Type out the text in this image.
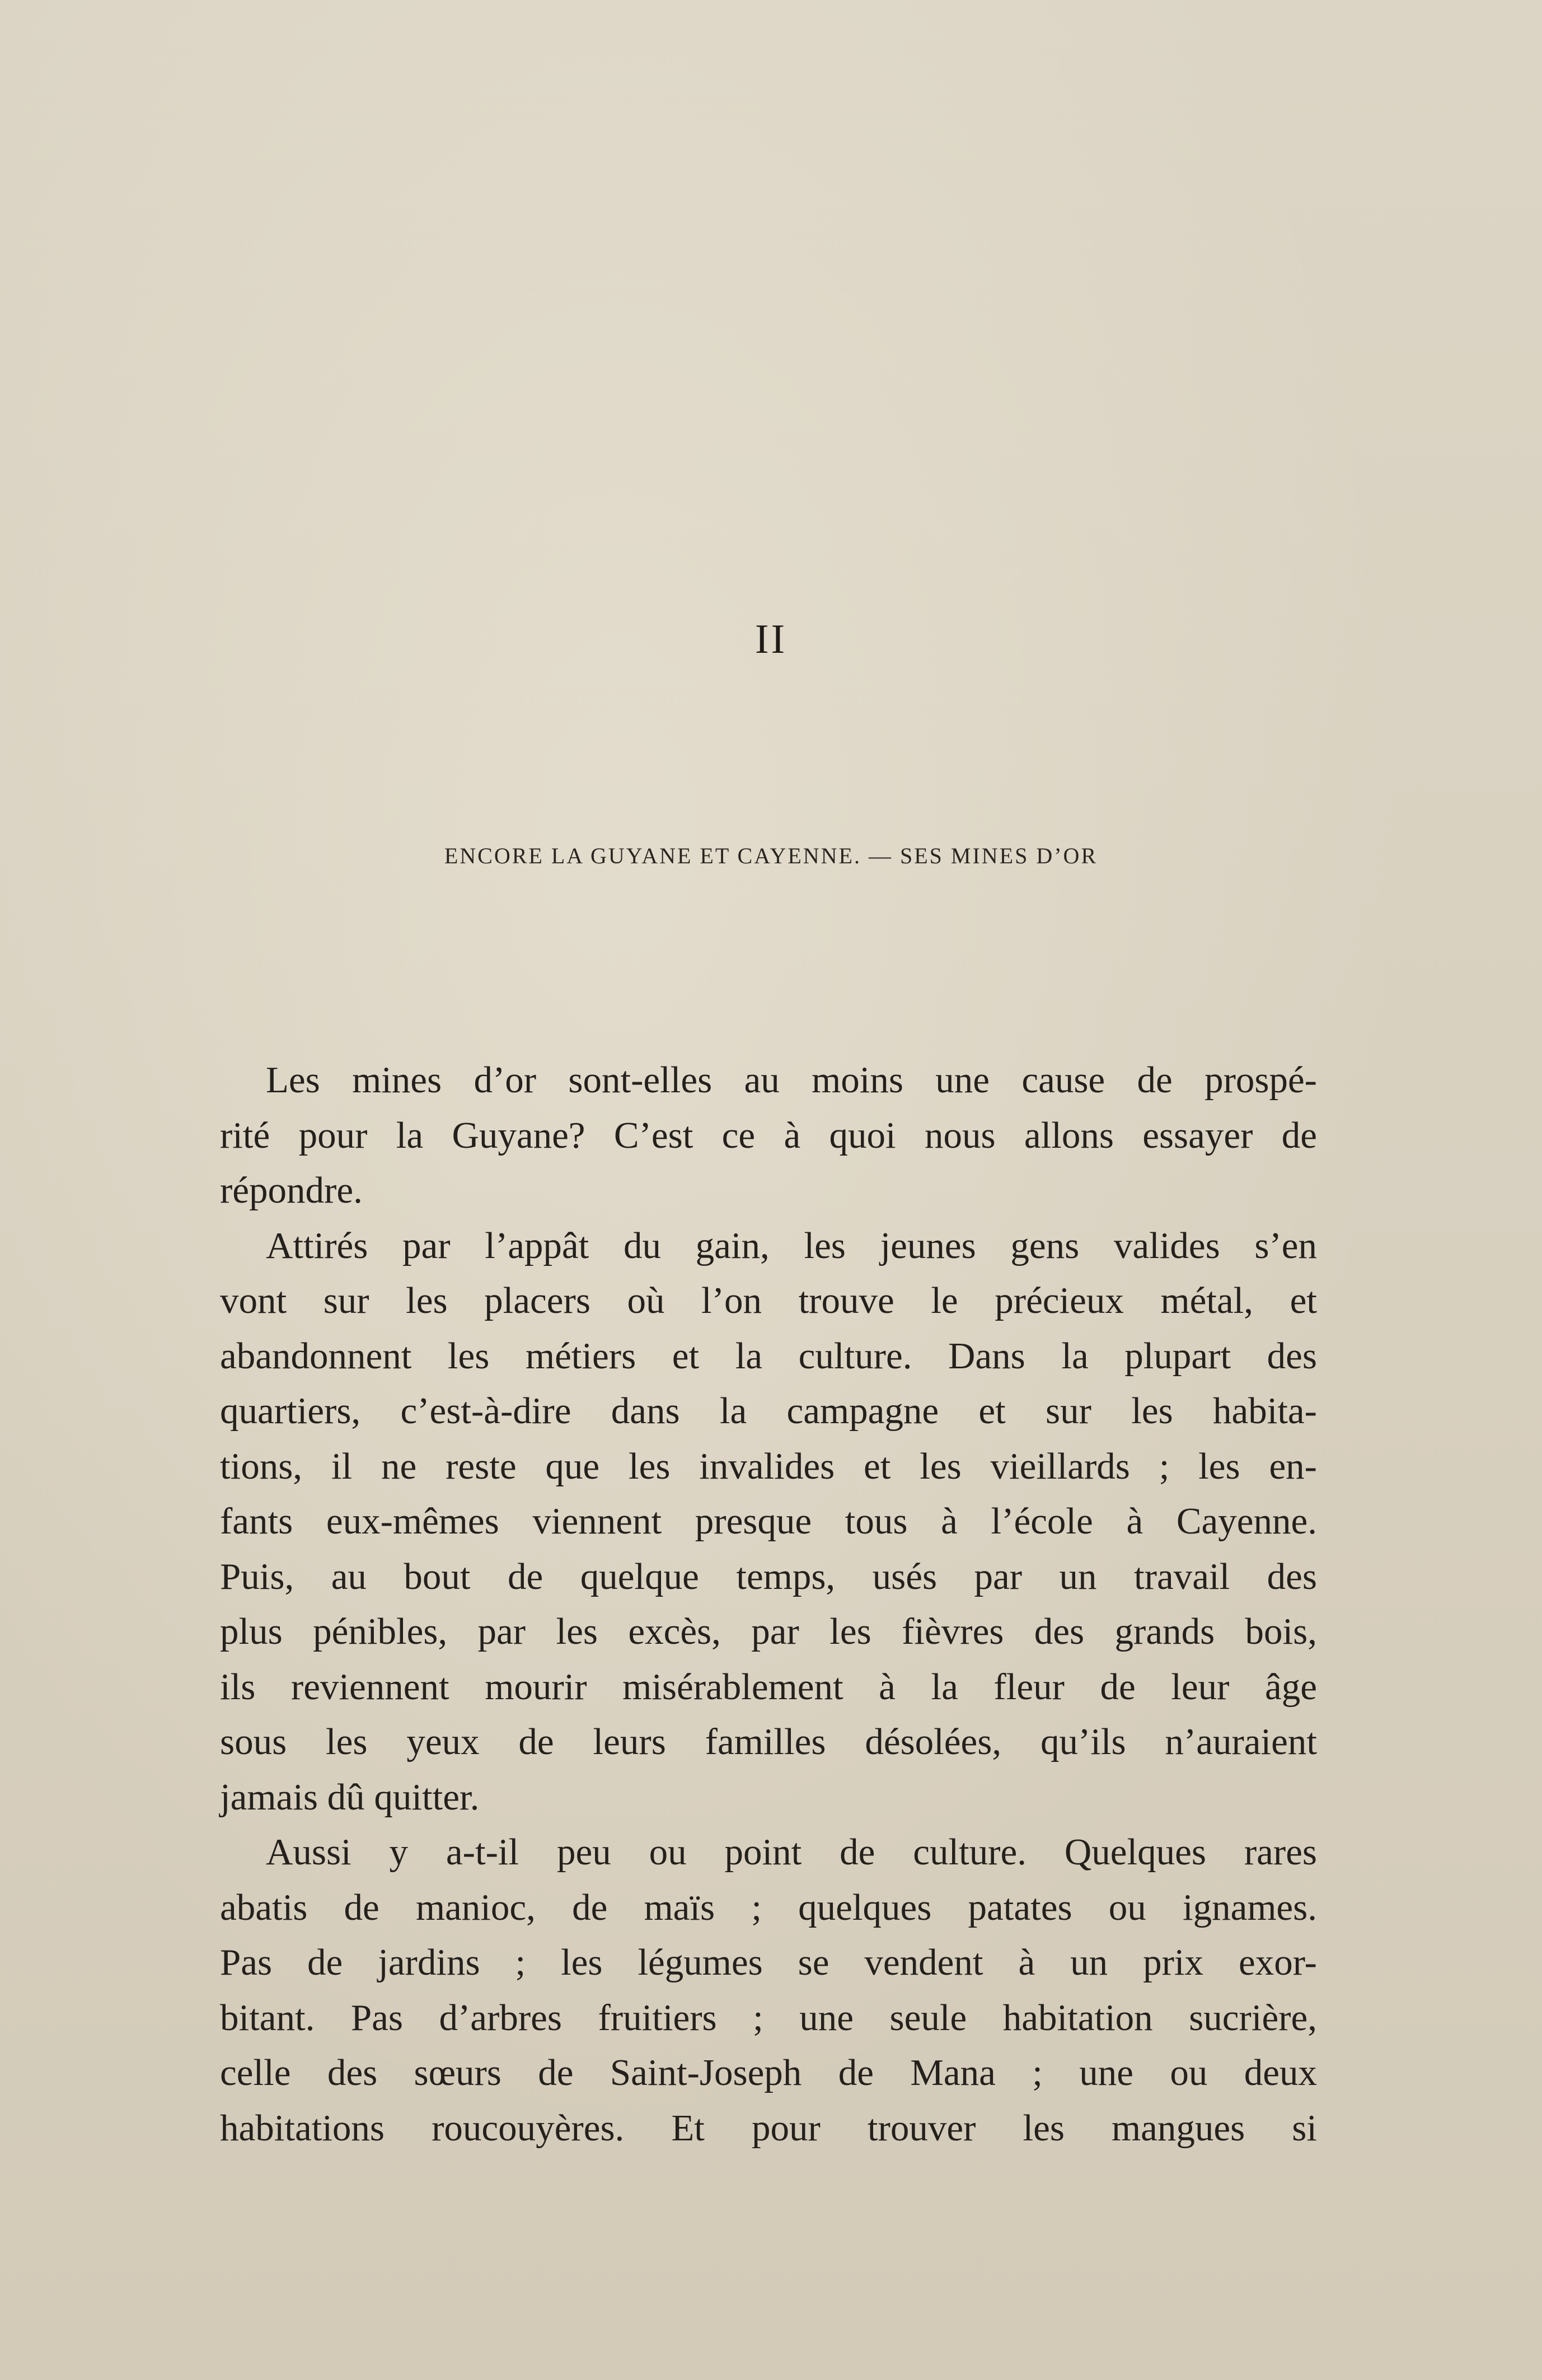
II
ENCORE LA GUYANE ET CAYENNE. — SES MINES D’OR
Les mines d’or sont-elles au moins une cause de prospé-
rité pour la Guyane? C’est ce à quoi nous allons essayer de
répondre.
Attirés par l’appât du gain, les jeunes gens valides s’en
vont sur les placers où l’on trouve le précieux métal, et
abandonnent les métiers et la culture. Dans la plupart des
quartiers, c’est-à-dire dans la campagne et sur les habita-
tions, il ne reste que les invalides et les vieillards ; les en-
fants eux-mêmes viennent presque tous à l’école à Cayenne.
Puis, au bout de quelque temps, usés par un travail des
plus pénibles, par les excès, par les fièvres des grands bois,
ils reviennent mourir misérablement à la fleur de leur âge
sous les yeux de leurs familles désolées, qu’ils n’auraient
jamais dû quitter.
Aussi y a-t-il peu ou point de culture. Quelques rares
abatis de manioc, de maïs ; quelques patates ou ignames.
Pas de jardins ; les légumes se vendent à un prix exor-
bitant. Pas d’arbres fruitiers ; une seule habitation sucrière,
celle des sœurs de Saint-Joseph de Mana ; une ou deux
habitations roucouyères. Et pour trouver les mangues si
